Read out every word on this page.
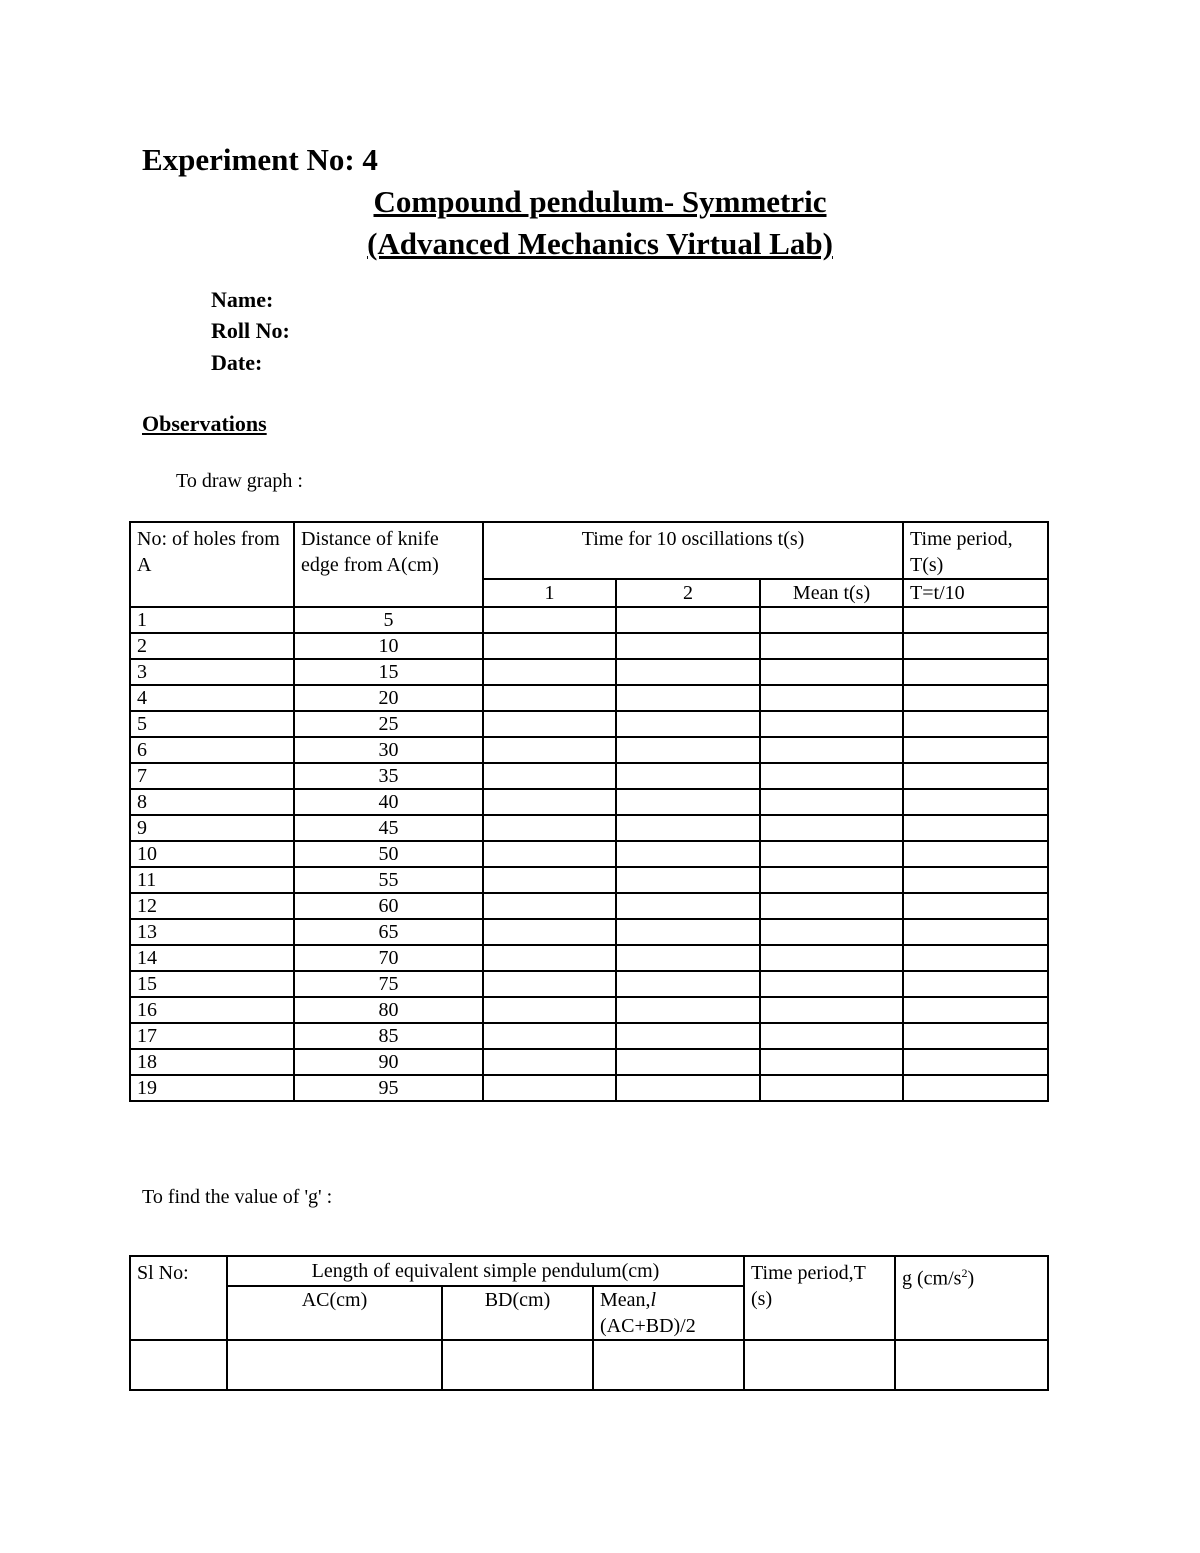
Experiment No: 4
Compound pendulum- Symmetric
(Advanced Mechanics Virtual Lab)
Name:
Roll No:
Date:
Observations
To draw graph :
No: of holes from A	Distance of knife edge from A(cm)	Time for 10 oscillations t(s)			Time period, T(s)
		1	2	Mean t(s)	T=t/10
1	5				
2	10				
3	15				
4	20				
5	25				
6	30				
7	35				
8	40				
9	45				
10	50				
11	55				
12	60				
13	65				
14	70				
15	75				
16	80				
17	85				
18	90				
19	95				
To find the value of 'g' :
Sl No:	Length of equivalent simple pendulum(cm)			Time period,T (s)	g $(cm/s^2)$
	AC(cm)	BD(cm)	Mean,l
(AC+BD)/2		
